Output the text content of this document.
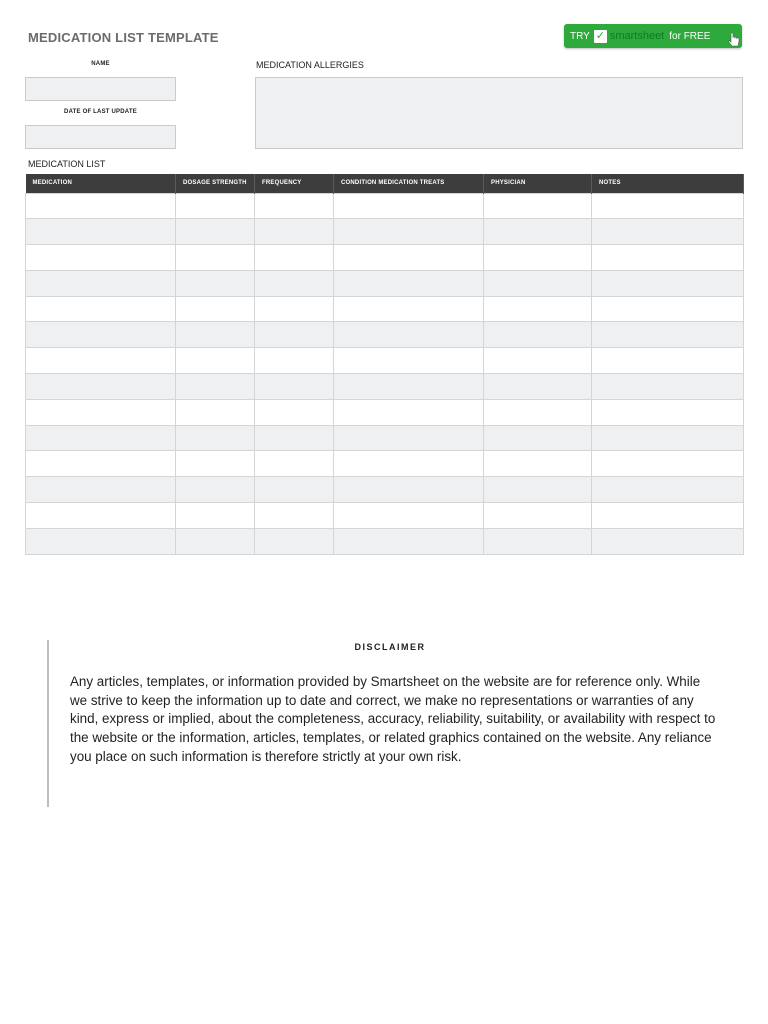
MEDICATION LIST TEMPLATE	TRY ✓ smartsheet for FREE
NAME
DATE OF LAST UPDATE
MEDICATION ALLERGIES
MEDICATION LIST
MEDICATION	DOSAGE STRENGTH	FREQUENCY	CONDITION MEDICATION TREATS	PHYSICIAN	NOTES

DISCLAIMER
Any articles, templates, or information provided by Smartsheet on the website are for reference only. While we strive to keep the information up to date and correct, we make no representations or warranties of any kind, express or implied, about the completeness, accuracy, reliability, suitability, or availability with respect to the website or the information, articles, templates, or related graphics contained on the website. Any reliance you place on such information is therefore strictly at your own risk.
